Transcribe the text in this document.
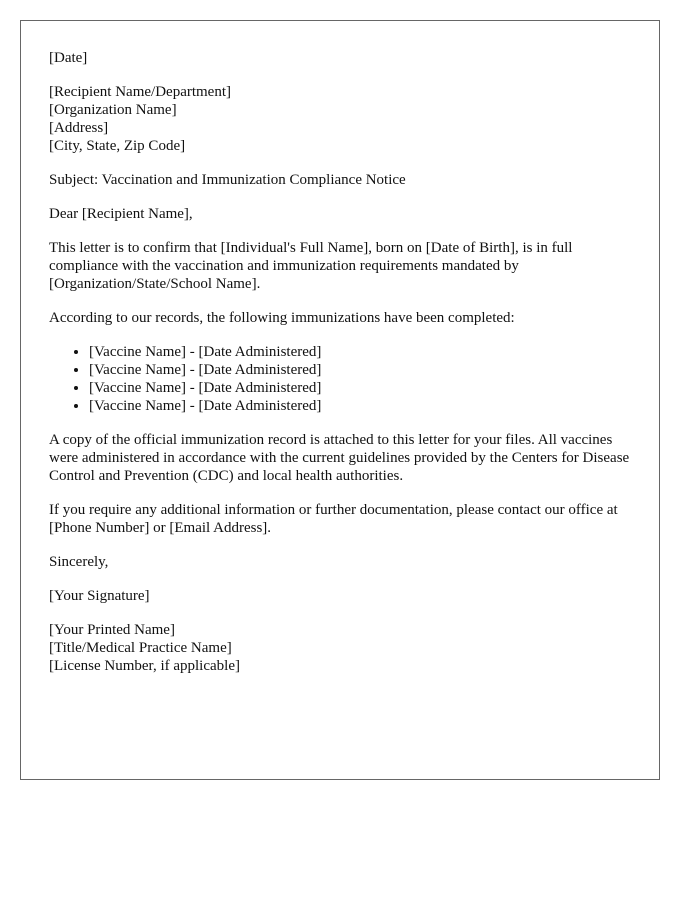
[Date]
[Recipient Name/Department]
[Organization Name]
[Address]
[City, State, Zip Code]

Subject: Vaccination and Immunization Compliance Notice

Dear [Recipient Name],

This letter is to confirm that [Individual's Full Name], born on [Date of Birth], is in full compliance with the vaccination and immunization requirements mandated by [Organization/State/School Name].

According to our records, the following immunizations have been completed:

• [Vaccine Name] - [Date Administered]
• [Vaccine Name] - [Date Administered]
• [Vaccine Name] - [Date Administered]
• [Vaccine Name] - [Date Administered]

A copy of the official immunization record is attached to this letter for your files. All vaccines were administered in accordance with the current guidelines provided by the Centers for Disease Control and Prevention (CDC) and local health authorities.

If you require any additional information or further documentation, please contact our office at [Phone Number] or [Email Address].

Sincerely,

[Your Signature]

[Your Printed Name]
[Title/Medical Practice Name]
[License Number, if applicable]
